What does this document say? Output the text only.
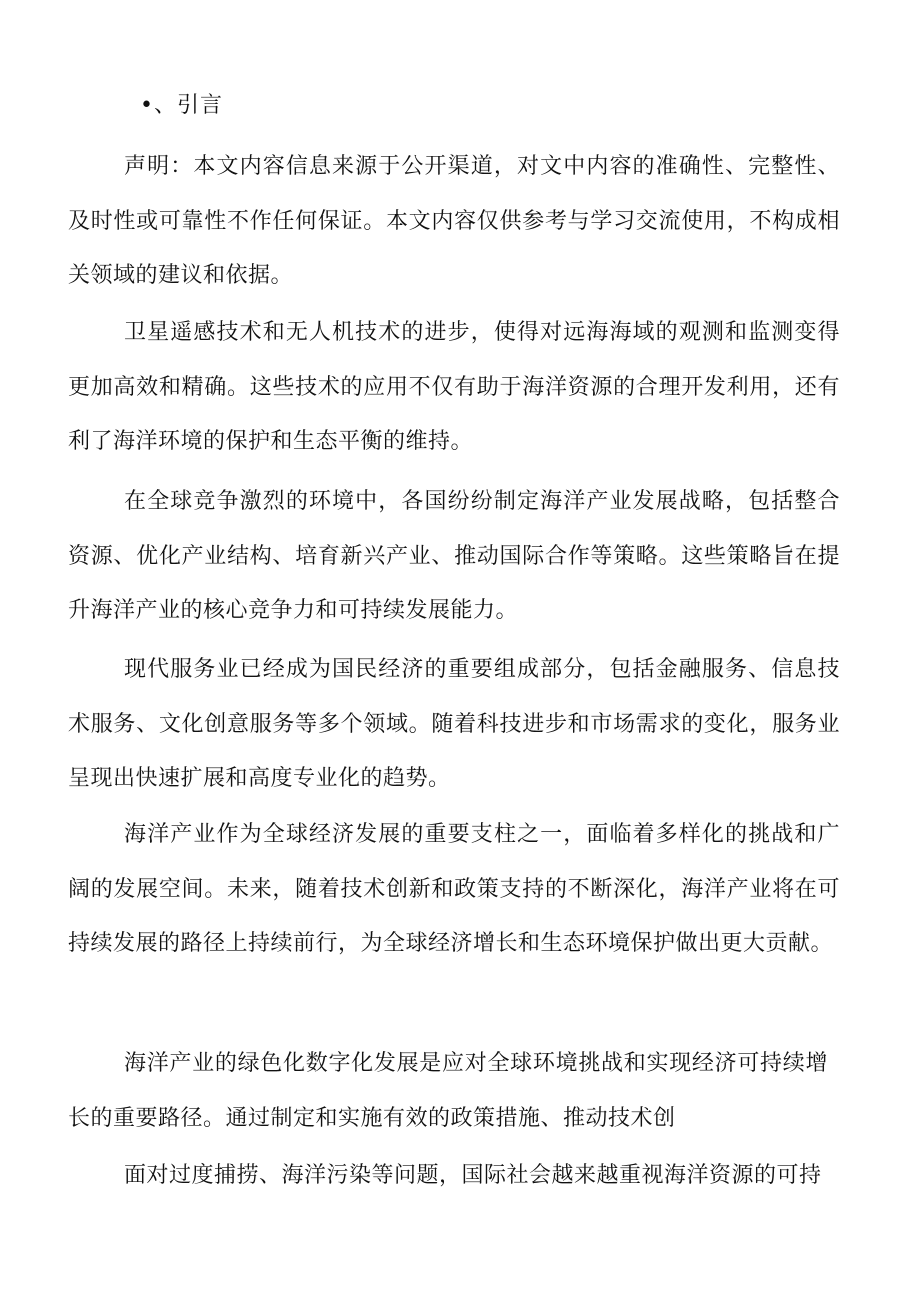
•、引言

声明：本文内容信息来源于公开渠道，对文中内容的准确性、完整性、及时性或可靠性不作任何保证。本文内容仅供参考与学习交流使用，不构成相关领域的建议和依据。

卫星遥感技术和无人机技术的进步，使得对远海海域的观测和监测变得更加高效和精确。这些技术的应用不仅有助于海洋资源的合理开发利用，还有利了海洋环境的保护和生态平衡的维持。

在全球竞争激烈的环境中，各国纷纷制定海洋产业发展战略，包括整合资源、优化产业结构、培育新兴产业、推动国际合作等策略。这些策略旨在提升海洋产业的核心竞争力和可持续发展能力。

现代服务业已经成为国民经济的重要组成部分，包括金融服务、信息技术服务、文化创意服务等多个领域。随着科技进步和市场需求的变化，服务业呈现出快速扩展和高度专业化的趋势。

海洋产业作为全球经济发展的重要支柱之一，面临着多样化的挑战和广阔的发展空间。未来，随着技术创新和政策支持的不断深化，海洋产业将在可持续发展的路径上持续前行，为全球经济增长和生态环境保护做出更大贡献。

海洋产业的绿色化数字化发展是应对全球环境挑战和实现经济可持续增长的重要路径。通过制定和实施有效的政策措施、推动技术创

面对过度捕捞、海洋污染等问题，国际社会越来越重视海洋资源的可持
